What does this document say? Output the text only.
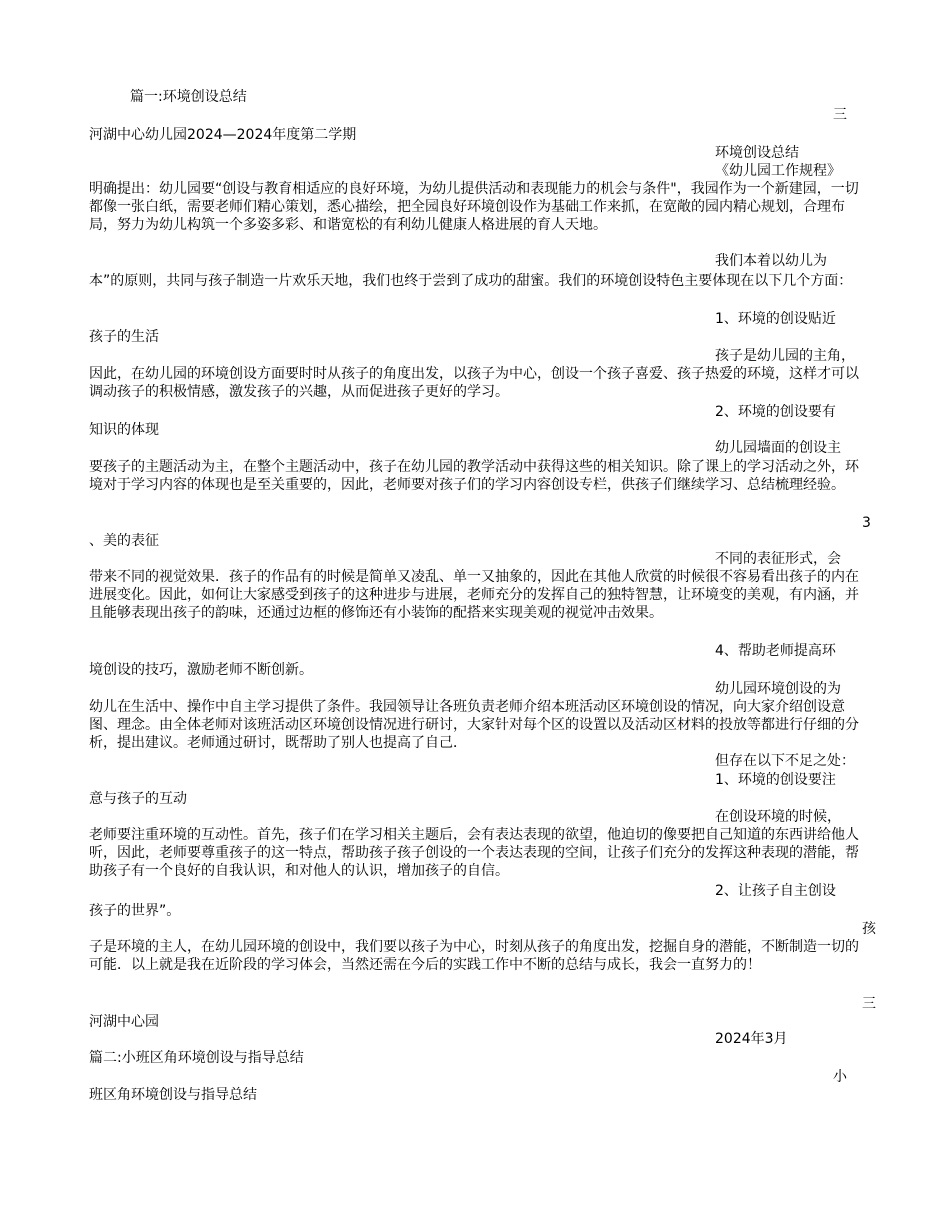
篇一:环境创设总结
三
河湖中心幼儿园2024—2024年度第二学期
环境创设总结
《幼儿园工作规程》
明确提出：幼儿园要“创设与教育相适应的良好环境，为幼儿提供活动和表现能力的机会与条件"，我园作为一个新建园，一切都像一张白纸，需要老师们精心策划，悉心描绘，把全园良好环境创设作为基础工作来抓，在宽敞的园内精心规划，合理布局，努力为幼儿构筑一个多姿多彩、和谐宽松的有利幼儿健康人格进展的育人天地。
我们本着以幼儿为
本”的原则，共同与孩子制造一片欢乐天地，我们也终于尝到了成功的甜蜜。我们的环境创设特色主要体现在以下几个方面：
1、环境的创设贴近
孩子的生活
孩子是幼儿园的主角，
因此，在幼儿园的环境创设方面要时时从孩子的角度出发，以孩子为中心，创设一个孩子喜爱、孩子热爱的环境，这样才可以调动孩子的积极情感，激发孩子的兴趣，从而促进孩子更好的学习。
2、环境的创设要有
知识的体现
幼儿园墙面的创设主
要孩子的主题活动为主，在整个主题活动中，孩子在幼儿园的教学活动中获得这些的相关知识。除了课上的学习活动之外，环境对于学习内容的体现也是至关重要的，因此，老师要对孩子们的学习内容创设专栏，供孩子们继续学习、总结梳理经验。
3
、美的表征
不同的表征形式，会
带来不同的视觉效果．孩子的作品有的时候是简单又凌乱、单一又抽象的，因此在其他人欣赏的时候很不容易看出孩子的内在进展变化。因此，如何让大家感受到孩子的这种进步与进展，老师充分的发挥自己的独特智慧，让环境变的美观，有内涵，并且能够表现出孩子的韵味，还通过边框的修饰还有小装饰的配搭来实现美观的视觉冲击效果。
4、帮助老师提高环
境创设的技巧，激励老师不断创新。
幼儿园环境创设的为
幼儿在生活中、操作中自主学习提供了条件。我园领导让各班负责老师介绍本班活动区环境创设的情况，向大家介绍创设意图、理念。由全体老师对该班活动区环境创设情况进行研讨，大家针对每个区的设置以及活动区材料的投放等都进行仔细的分析，提出建议。老师通过研讨，既帮助了别人也提高了自己．
但存在以下不足之处：
1、环境的创设要注
意与孩子的互动
在创设环境的时候，
老师要注重环境的互动性。首先，孩子们在学习相关主题后，会有表达表现的欲望，他迫切的像要把自己知道的东西讲给他人听，因此，老师要尊重孩子的这一特点，帮助孩子孩子创设的一个表达表现的空间，让孩子们充分的发挥这种表现的潜能，帮助孩子有一个良好的自我认识，和对他人的认识，增加孩子的自信。
2、让孩子自主创设
孩子的世界”。
孩
子是环境的主人，在幼儿园环境的创设中，我们要以孩子为中心，时刻从孩子的角度出发，挖掘自身的潜能，不断制造一切的可能．以上就是我在近阶段的学习体会，当然还需在今后的实践工作中不断的总结与成长，我会一直努力的！
三
河湖中心园
2024年3月
篇二:小班区角环境创设与指导总结
小
班区角环境创设与指导总结
